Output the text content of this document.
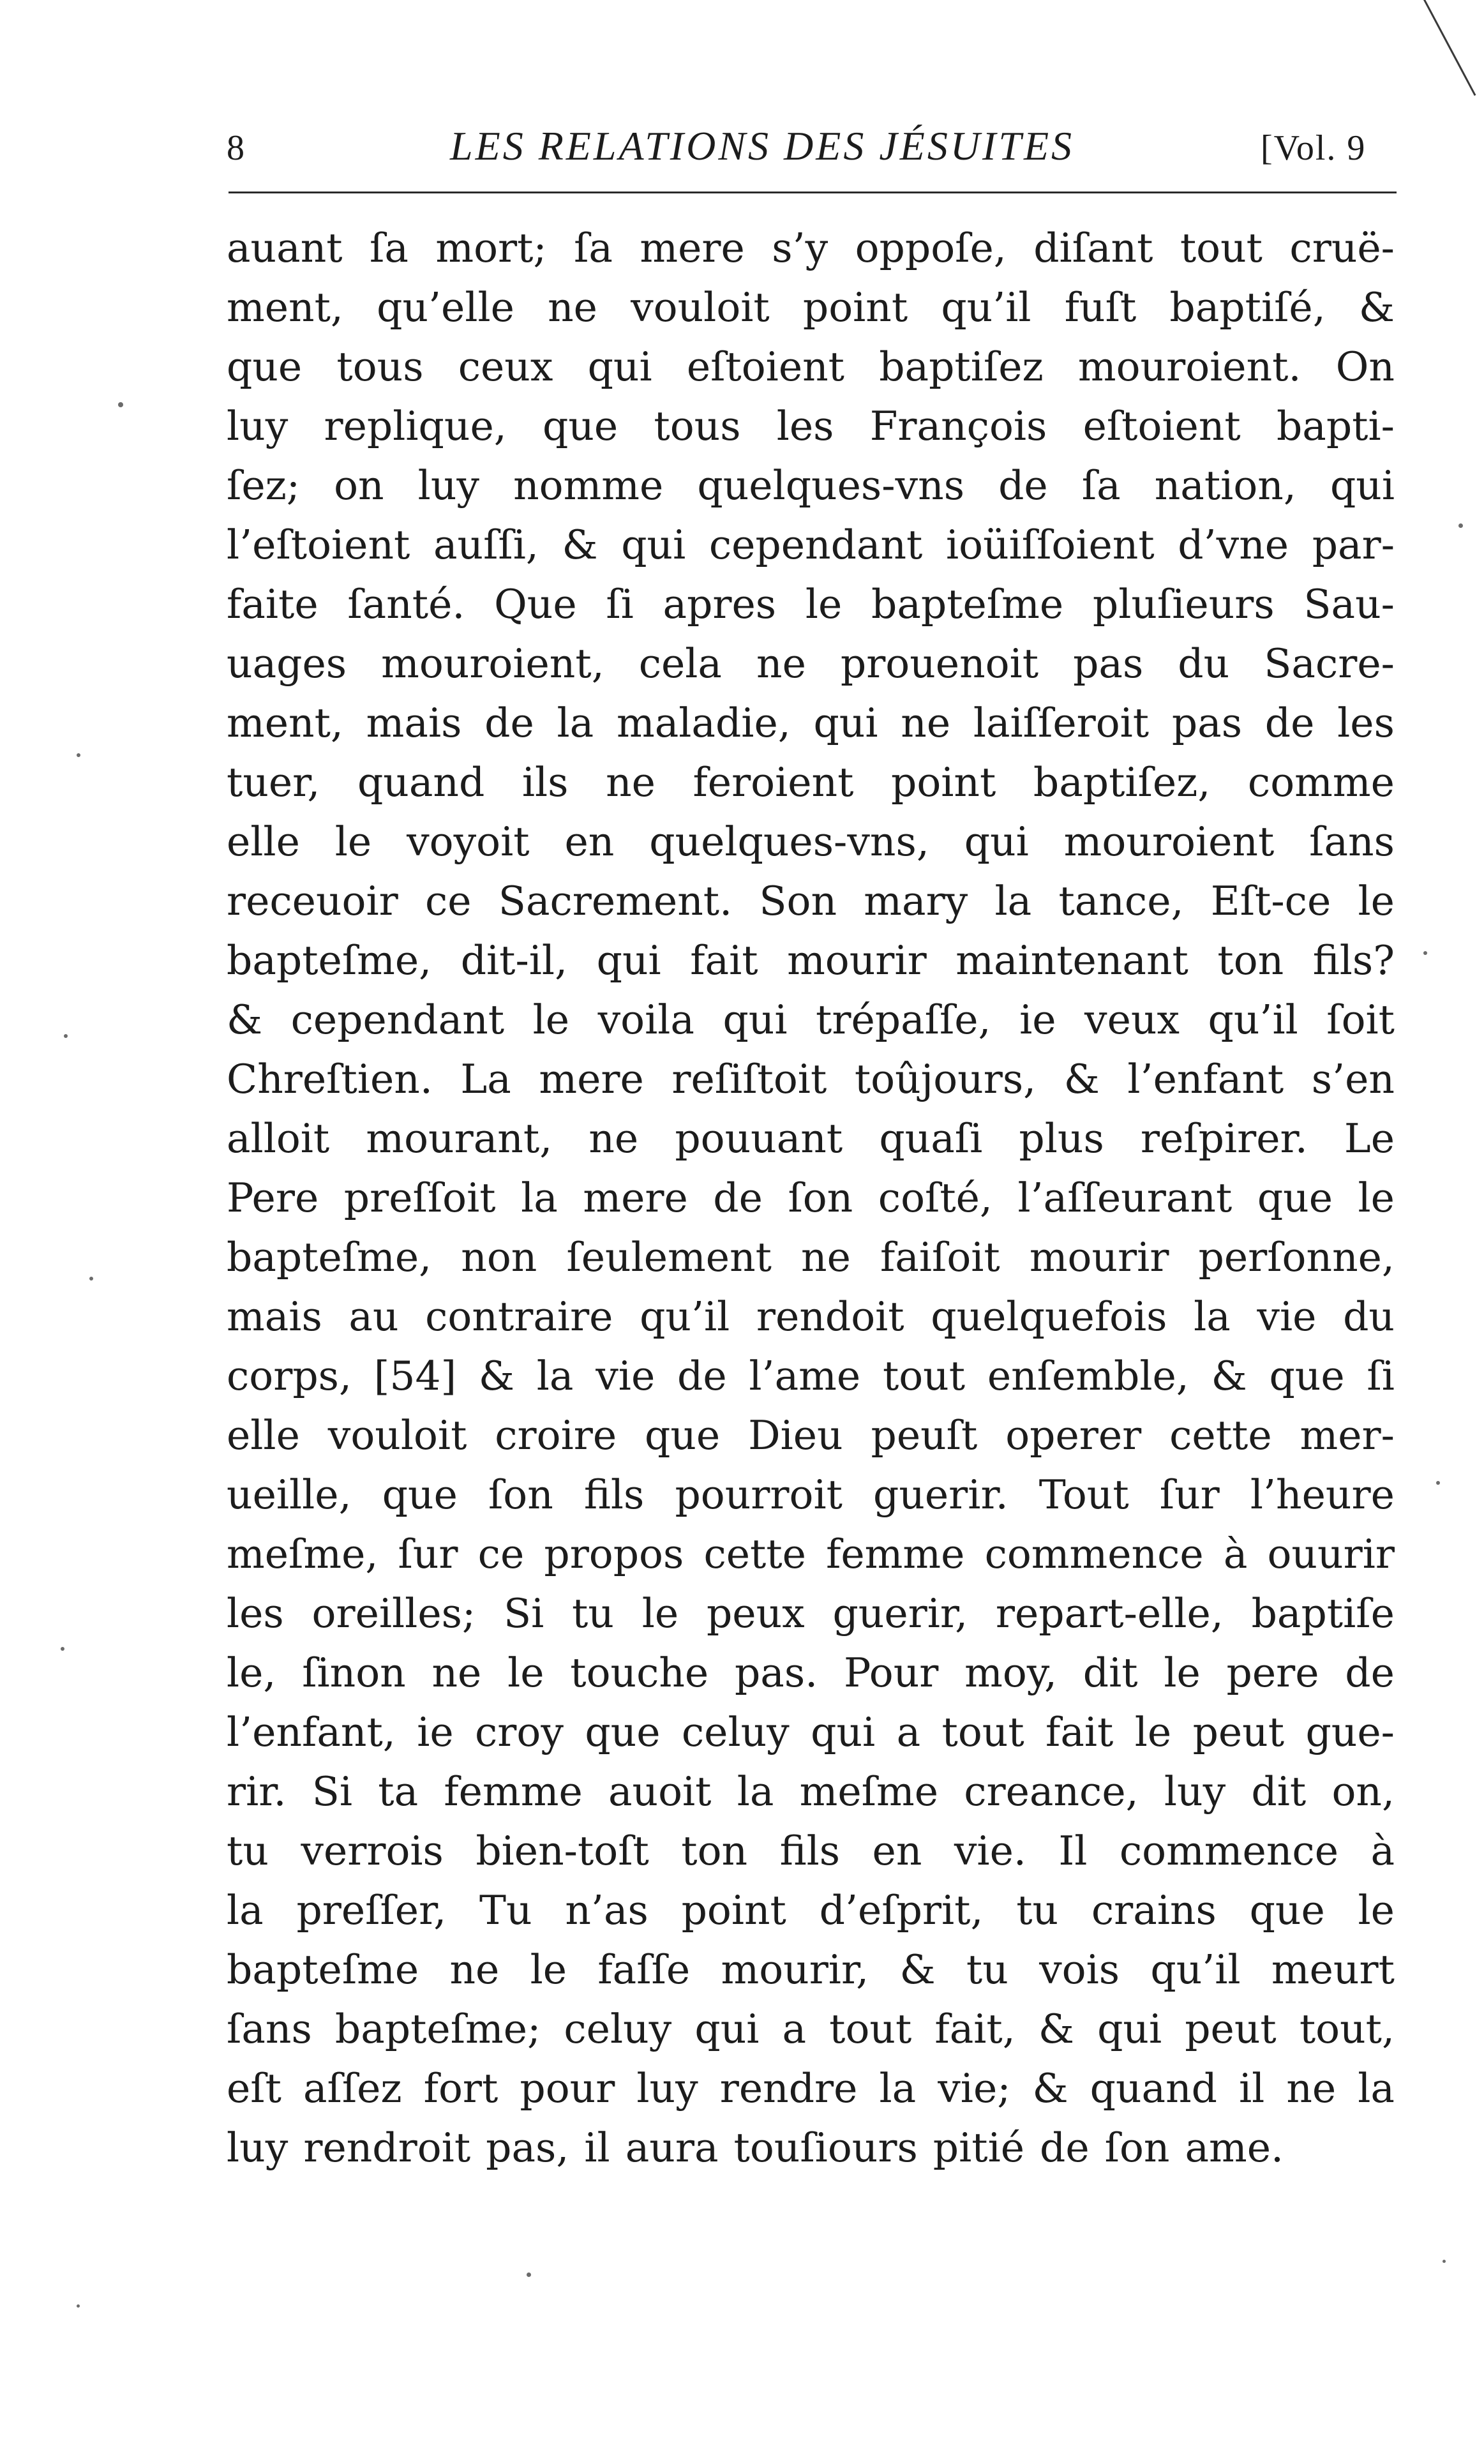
8	LES RELATIONS DES JÉSUITES	[Vol. 9
auant ſa mort; ſa mere s’y oppoſe, diſant tout cruë-
ment, qu’elle ne vouloit point qu’il fuſt baptiſé, &
que tous ceux qui eſtoient baptiſez mouroient. On
luy replique, que tous les François eſtoient bapti-
ſez; on luy nomme quelques-vns de ſa nation, qui
l’eſtoient auſſi, & qui cependant ioüiſſoient d’vne par-
faite ſanté. Que ſi apres le bapteſme pluſieurs Sau-
uages mouroient, cela ne prouenoit pas du Sacre-
ment, mais de la maladie, qui ne laiſſeroit pas de les
tuer, quand ils ne feroient point baptiſez, comme
elle le voyoit en quelques-vns, qui mouroient ſans
receuoir ce Sacrement. Son mary la tance, Eſt-ce le
bapteſme, dit-il, qui fait mourir maintenant ton fils?
& cependant le voila qui trépaſſe, ie veux qu’il ſoit
Chreſtien. La mere reſiſtoit toûjours, & l’enfant s’en
alloit mourant, ne pouuant quaſi plus reſpirer. Le
Pere preſſoit la mere de ſon coſté, l’aſſeurant que le
bapteſme, non ſeulement ne faiſoit mourir perſonne,
mais au contraire qu’il rendoit quelquefois la vie du
corps, [54] & la vie de l’ame tout enſemble, & que ſi
elle vouloit croire que Dieu peuſt operer cette mer-
ueille, que ſon fils pourroit guerir. Tout ſur l’heure
meſme, ſur ce propos cette femme commence à ouurir
les oreilles; Si tu le peux guerir, repart-elle, baptiſe
le, ſinon ne le touche pas. Pour moy, dit le pere de
l’enfant, ie croy que celuy qui a tout fait le peut gue-
rir. Si ta femme auoit la meſme creance, luy dit on,
tu verrois bien-toſt ton fils en vie. Il commence à
la preſſer, Tu n’as point d’eſprit, tu crains que le
bapteſme ne le faſſe mourir, & tu vois qu’il meurt
ſans bapteſme; celuy qui a tout fait, & qui peut tout,
eſt aſſez fort pour luy rendre la vie; & quand il ne la
luy rendroit pas, il aura touſiours pitié de ſon ame.
